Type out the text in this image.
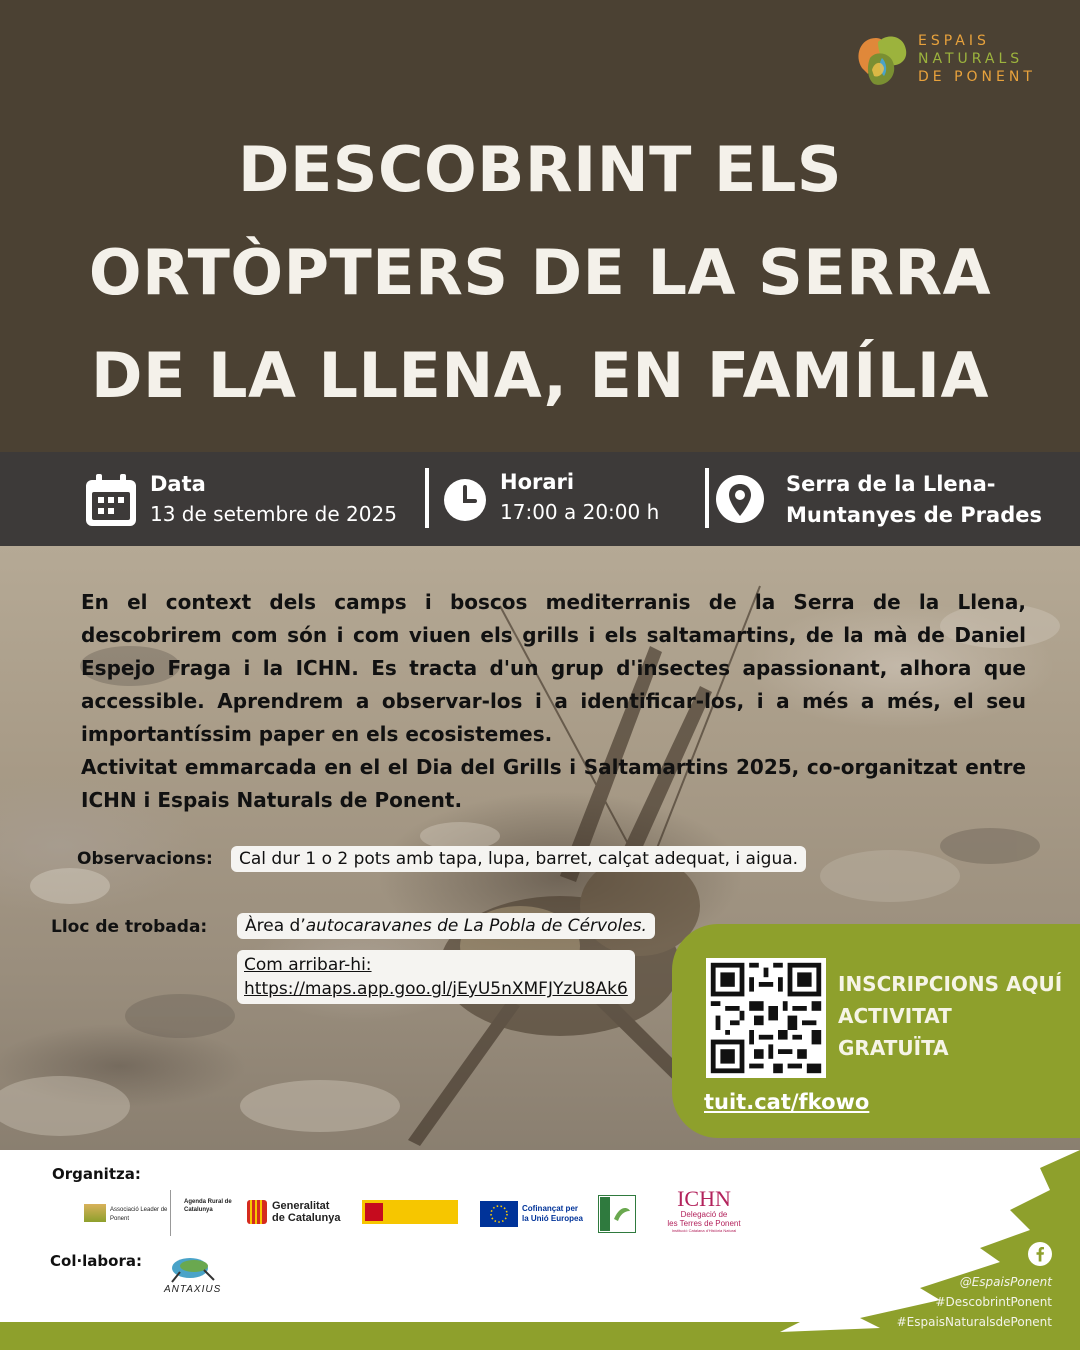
ESPAIS
NATURALS
DE PONENT
DESCOBRINT ELS
ORTÒPTERS DE LA SERRA
DE LA LLENA, EN FAMÍLIA
Data
13 de setembre de 2025
Horari
17:00 a 20:00 h
Serra de la Llena-
Muntanyes de Prades

En el context dels camps i boscos mediterranis de la Serra de la Llena, descobrirem com són i com viuen els grills i els saltamartins, de la mà de Daniel Espejo Fraga i la ICHN. Es tracta d'un grup d'insectes apassionant, alhora que accessible. Aprendrem a observar-los i a identificar-los, i a més a més, el seu importantíssim paper en els ecosistemes.

Activitat emmarcada en el el Dia del Grills i Saltamartins 2025, co-organitzat entre ICHN i Espais Naturals de Ponent.

Observacions:	Cal dur 1 o 2 pots amb tapa, lupa, barret, calçat adequat, i aigua.
Lloc de trobada:	Àrea d’autocaravanes de La Pobla de Cérvoles.
Com arribar-hi:
https://maps.app.goo.gl/jEyU5nXMFJYzU8Ak6	INSCRIPCIONS AQUÍ
ACTIVITAT
GRATUÏTA
tuit.cat/fkowo
Organitza:
Associació Leader de Ponent
Agenda Rural de Catalunya	Generalitat
de Catalunya
Cofinançat per
la Unió Europea
ICHN
Delegació de
les Terres de Ponent
Institució Catalana d'Història Natural
Col·labora:
ANTAXIUS
@EspaisPonent
#DescobrintPonent
#EspaisNaturalsdePonent
